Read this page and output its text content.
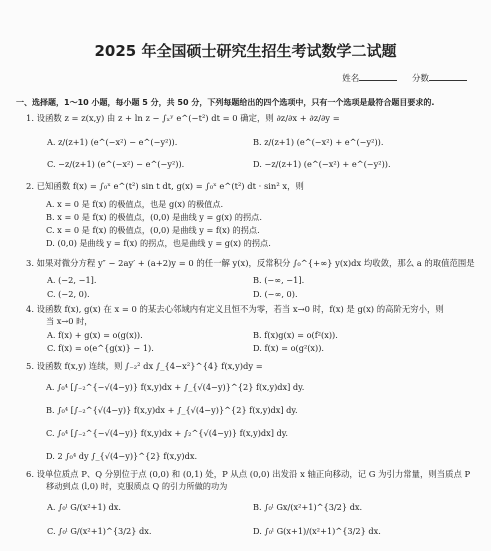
2025 年全国硕士研究生招生考试数学二试题
姓名	分数
一、选择题，1～10 小题，每小题 5 分，共 50 分，下列每题给出的四个选项中，只有一个选项是最符合题目要求的.
1. 设函数 z = z(x,y) 由 z + ln z − ∫ₓʸ e^(−t²) dt = 0 确定，则 ∂z/∂x + ∂z/∂y =
A. z/(z+1) (e^(−x²) − e^(−y²)).	B. z/(z+1) (e^(−x²) + e^(−y²)).
C. −z/(z+1) (e^(−x²) − e^(−y²)).	D. −z/(z+1) (e^(−x²) + e^(−y²)).
2. 已知函数 f(x) = ∫₀ˣ e^(t²) sin t dt, g(x) = ∫₀ˣ e^(t²) dt · sin² x，则
A. x = 0 是 f(x) 的极值点，也是 g(x) 的极值点.
B. x = 0 是 f(x) 的极值点，(0,0) 是曲线 y = g(x) 的拐点.
C. x = 0 是 f(x) 的极值点，(0,0) 是曲线 y = f(x) 的拐点.
D. (0,0) 是曲线 y = f(x) 的拐点，也是曲线 y = g(x) 的拐点.
3. 如果对微分方程 y″ − 2ay′ + (a+2)y = 0 的任一解 y(x)，反常积分 ∫₀^{+∞} y(x)dx 均收敛，那么 a 的取值范围是
A. (−2, −1].	B. (−∞, −1].
C. (−2, 0).	D. (−∞, 0).
4. 设函数 f(x), g(x) 在 x = 0 的某去心邻域内有定义且恒不为零，若当 x→0 时，f(x) 是 g(x) 的高阶无穷小，则
当 x→0 时，
A. f(x) + g(x) = o(g(x)).	B. f(x)g(x) = o(f²(x)).
C. f(x) = o(e^{g(x)} − 1).	D. f(x) = o(g²(x)).
5. 设函数 f(x,y) 连续，则 ∫₋₂² dx ∫_{4−x²}^{4} f(x,y)dy =
A. ∫₀⁴ [∫₋₂^{−√(4−y)} f(x,y)dx + ∫_{√(4−y)}^{2} f(x,y)dx] dy.
B. ∫₀⁴ [∫₋₂^{√(4−y)} f(x,y)dx + ∫_{√(4−y)}^{2} f(x,y)dx] dy.
C. ∫₀⁴ [∫₋₂^{−√(4−y)} f(x,y)dx + ∫₂^{√(4−y)} f(x,y)dx] dy.
D. 2 ∫₀⁴ dy ∫_{√(4−y)}^{2} f(x,y)dx.
6. 设单位质点 P、Q 分别位于点 (0,0) 和 (0,1) 处，P 从点 (0,0) 出发沿 x 轴正向移动，记 G 为引力常量，则当质点 P
移动到点 (l,0) 时，克服质点 Q 的引力所做的功为
A. ∫₀ˡ G/(x²+1) dx.	B. ∫₀ˡ Gx/(x²+1)^{3/2} dx.
C. ∫₀ˡ G/(x²+1)^{3/2} dx.	D. ∫₀ˡ G(x+1)/(x²+1)^{3/2} dx.
